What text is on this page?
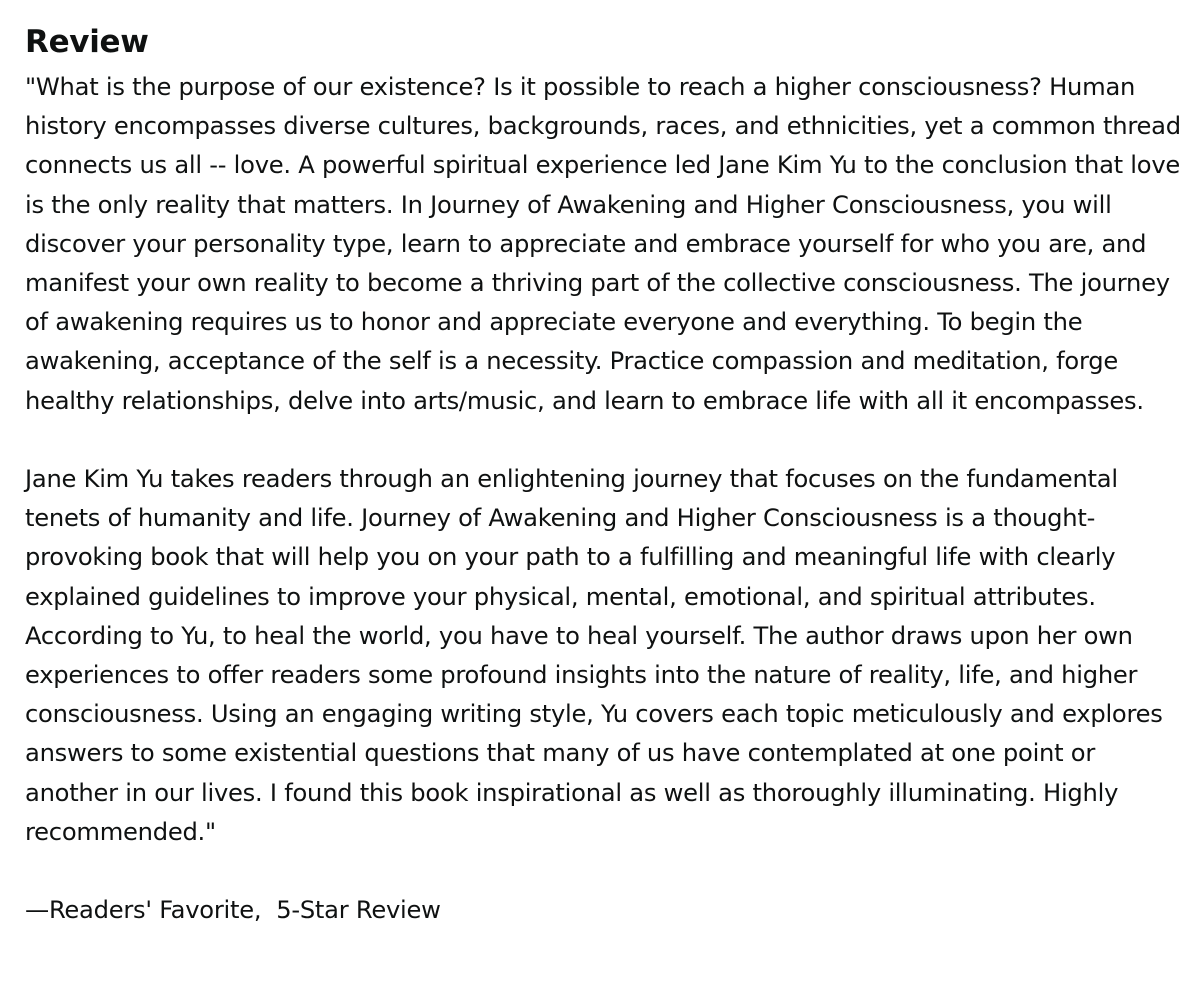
Review

"What is the purpose of our existence? Is it possible to reach a higher consciousness? Human history encompasses diverse cultures, backgrounds, races, and ethnicities, yet a common thread connects us all -- love. A powerful spiritual experience led Jane Kim Yu to the conclusion that love is the only reality that matters. In Journey of Awakening and Higher Consciousness, you will discover your personality type, learn to appreciate and embrace yourself for who you are, and manifest your own reality to become a thriving part of the collective consciousness. The journey of awakening requires us to honor and appreciate everyone and everything. To begin the awakening, acceptance of the self is a necessity. Practice compassion and meditation, forge healthy relationships, delve into arts/music, and learn to embrace life with all it encompasses.

Jane Kim Yu takes readers through an enlightening journey that focuses on the fundamental tenets of humanity and life. Journey of Awakening and Higher Consciousness is a thought-provoking book that will help you on your path to a fulfilling and meaningful life with clearly explained guidelines to improve your physical, mental, emotional, and spiritual attributes. According to Yu, to heal the world, you have to heal yourself. The author draws upon her own experiences to offer readers some profound insights into the nature of reality, life, and higher consciousness. Using an engaging writing style, Yu covers each topic meticulously and explores answers to some existential questions that many of us have contemplated at one point or another in our lives. I found this book inspirational as well as thoroughly illuminating. Highly recommended."

—Readers' Favorite,  5-Star Review
